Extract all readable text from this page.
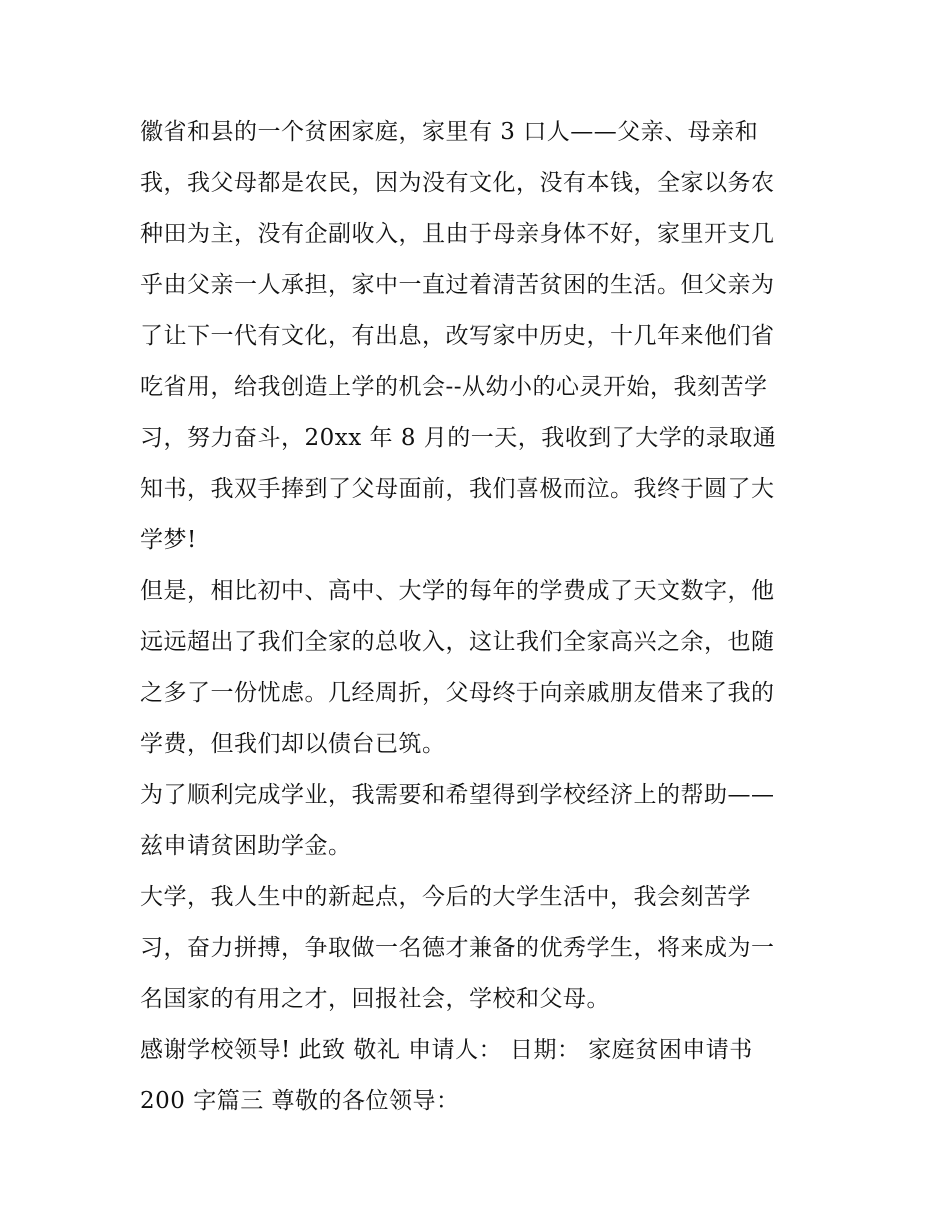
徽省和县的一个贫困家庭，家里有 3 口人——父亲、母亲和
我，我父母都是农民，因为没有文化，没有本钱，全家以务农
种田为主，没有企副收入，且由于母亲身体不好，家里开支几
乎由父亲一人承担，家中一直过着清苦贫困的生活。但父亲为
了让下一代有文化，有出息，改写家中历史，十几年来他们省
吃省用，给我创造上学的机会--从幼小的心灵开始，我刻苦学
习，努力奋斗，20xx 年 8 月的一天，我收到了大学的录取通
知书，我双手捧到了父母面前，我们喜极而泣。我终于圆了大
学梦!
但是，相比初中、高中、大学的每年的学费成了天文数字，他
远远超出了我们全家的总收入，这让我们全家高兴之余，也随
之多了一份忧虑。几经周折，父母终于向亲戚朋友借来了我的
学费，但我们却以债台已筑。
为了顺利完成学业，我需要和希望得到学校经济上的帮助——
兹申请贫困助学金。
大学，我人生中的新起点，今后的大学生活中，我会刻苦学
习，奋力拼搏，争取做一名德才兼备的优秀学生，将来成为一
名国家的有用之才，回报社会，学校和父母。
感谢学校领导! 此致 敬礼 申请人： 日期： 家庭贫困申请书
200 字篇三 尊敬的各位领导：
